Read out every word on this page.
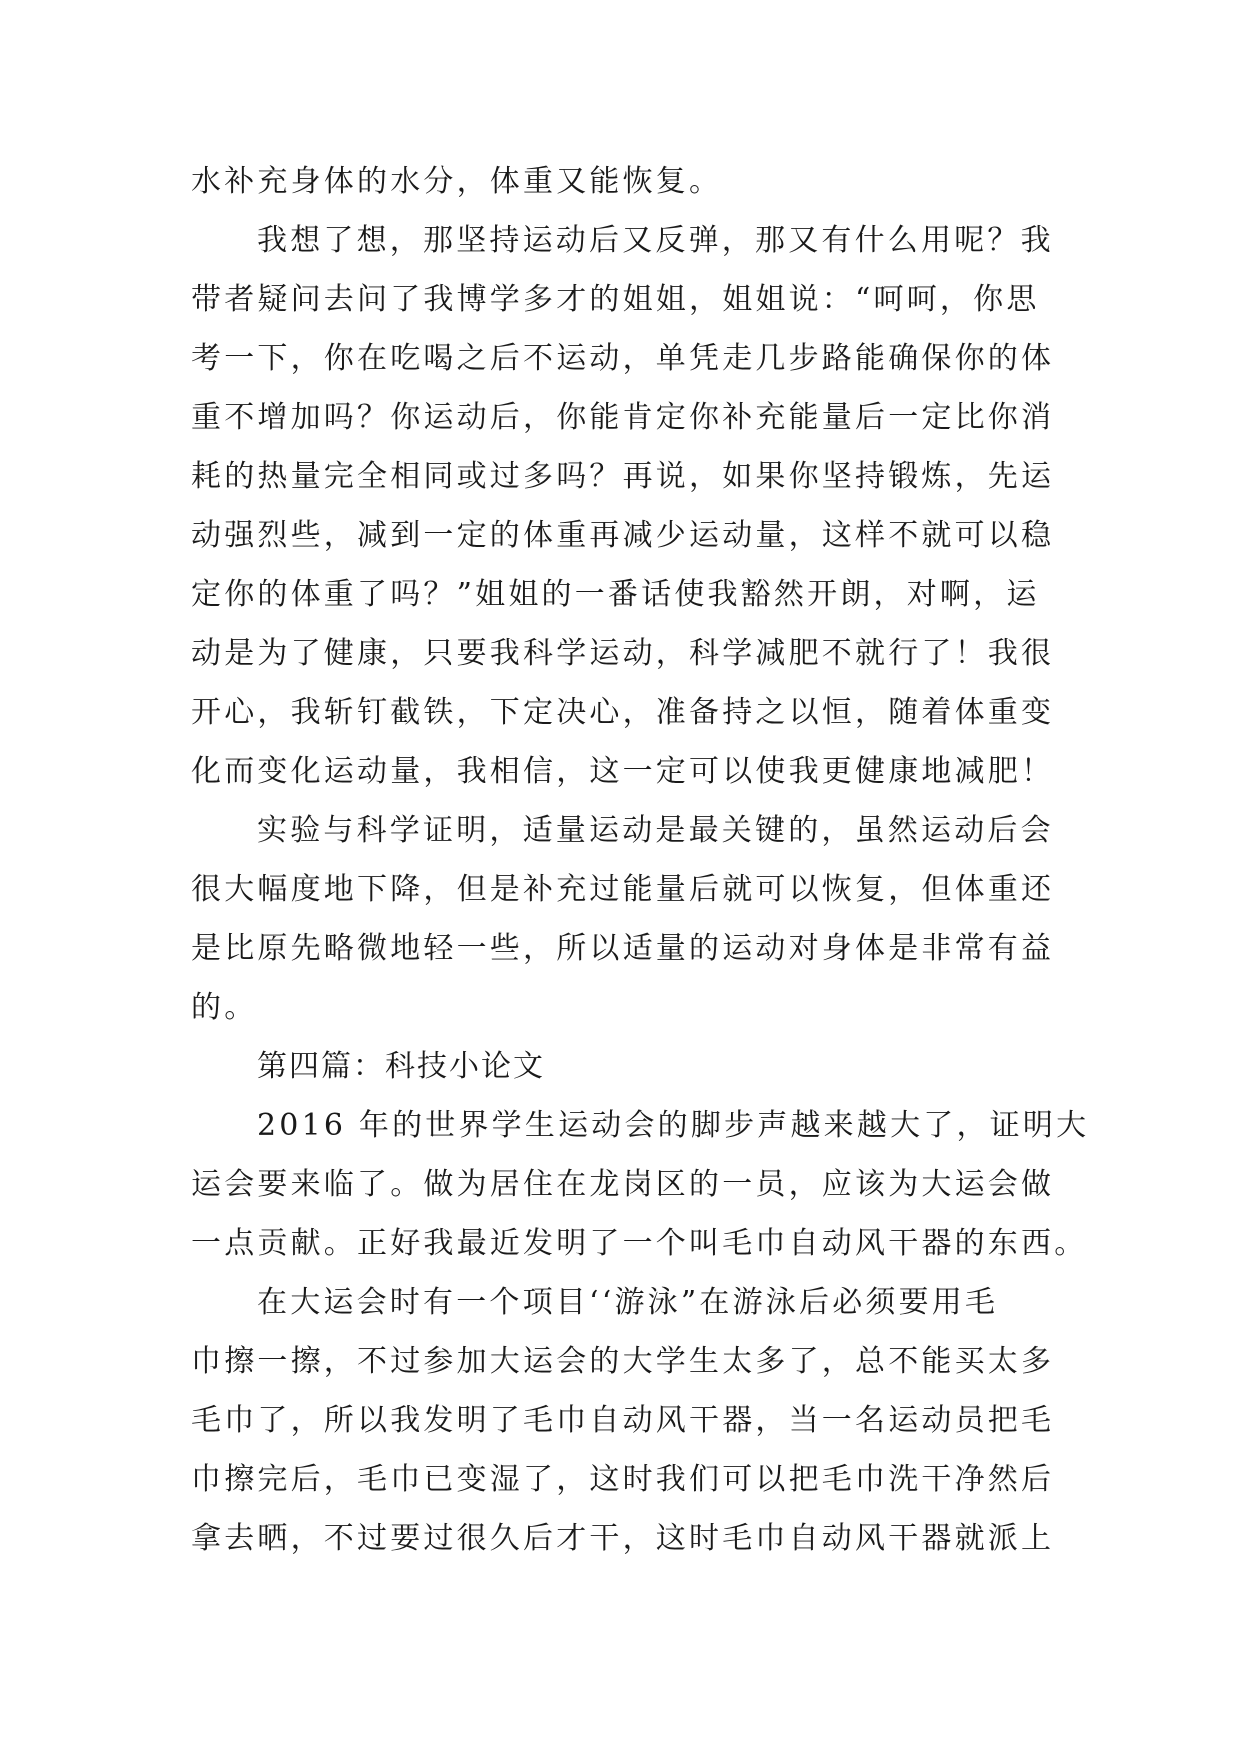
水补充身体的水分，体重又能恢复。
我想了想，那坚持运动后又反弹，那又有什么用呢？我
带者疑问去问了我博学多才的姐姐，姐姐说：“呵呵，你思
考一下，你在吃喝之后不运动，单凭走几步路能确保你的体
重不增加吗？你运动后，你能肯定你补充能量后一定比你消
耗的热量完全相同或过多吗？再说，如果你坚持锻炼，先运
动强烈些，减到一定的体重再减少运动量，这样不就可以稳
定你的体重了吗？”姐姐的一番话使我豁然开朗，对啊，运
动是为了健康，只要我科学运动，科学减肥不就行了！我很
开心，我斩钉截铁，下定决心，准备持之以恒，随着体重变
化而变化运动量，我相信，这一定可以使我更健康地减肥！
实验与科学证明，适量运动是最关键的，虽然运动后会
很大幅度地下降，但是补充过能量后就可以恢复，但体重还
是比原先略微地轻一些，所以适量的运动对身体是非常有益
的。
第四篇：科技小论文
2016 年的世界学生运动会的脚步声越来越大了，证明大
运会要来临了。做为居住在龙岗区的一员，应该为大运会做
一点贡献。正好我最近发明了一个叫毛巾自动风干器的东西。
在大运会时有一个项目‘‘游泳”在游泳后必须要用毛
巾擦一擦，不过参加大运会的大学生太多了，总不能买太多
毛巾了，所以我发明了毛巾自动风干器，当一名运动员把毛
巾擦完后，毛巾已变湿了，这时我们可以把毛巾洗干净然后
拿去晒，不过要过很久后才干，这时毛巾自动风干器就派上
